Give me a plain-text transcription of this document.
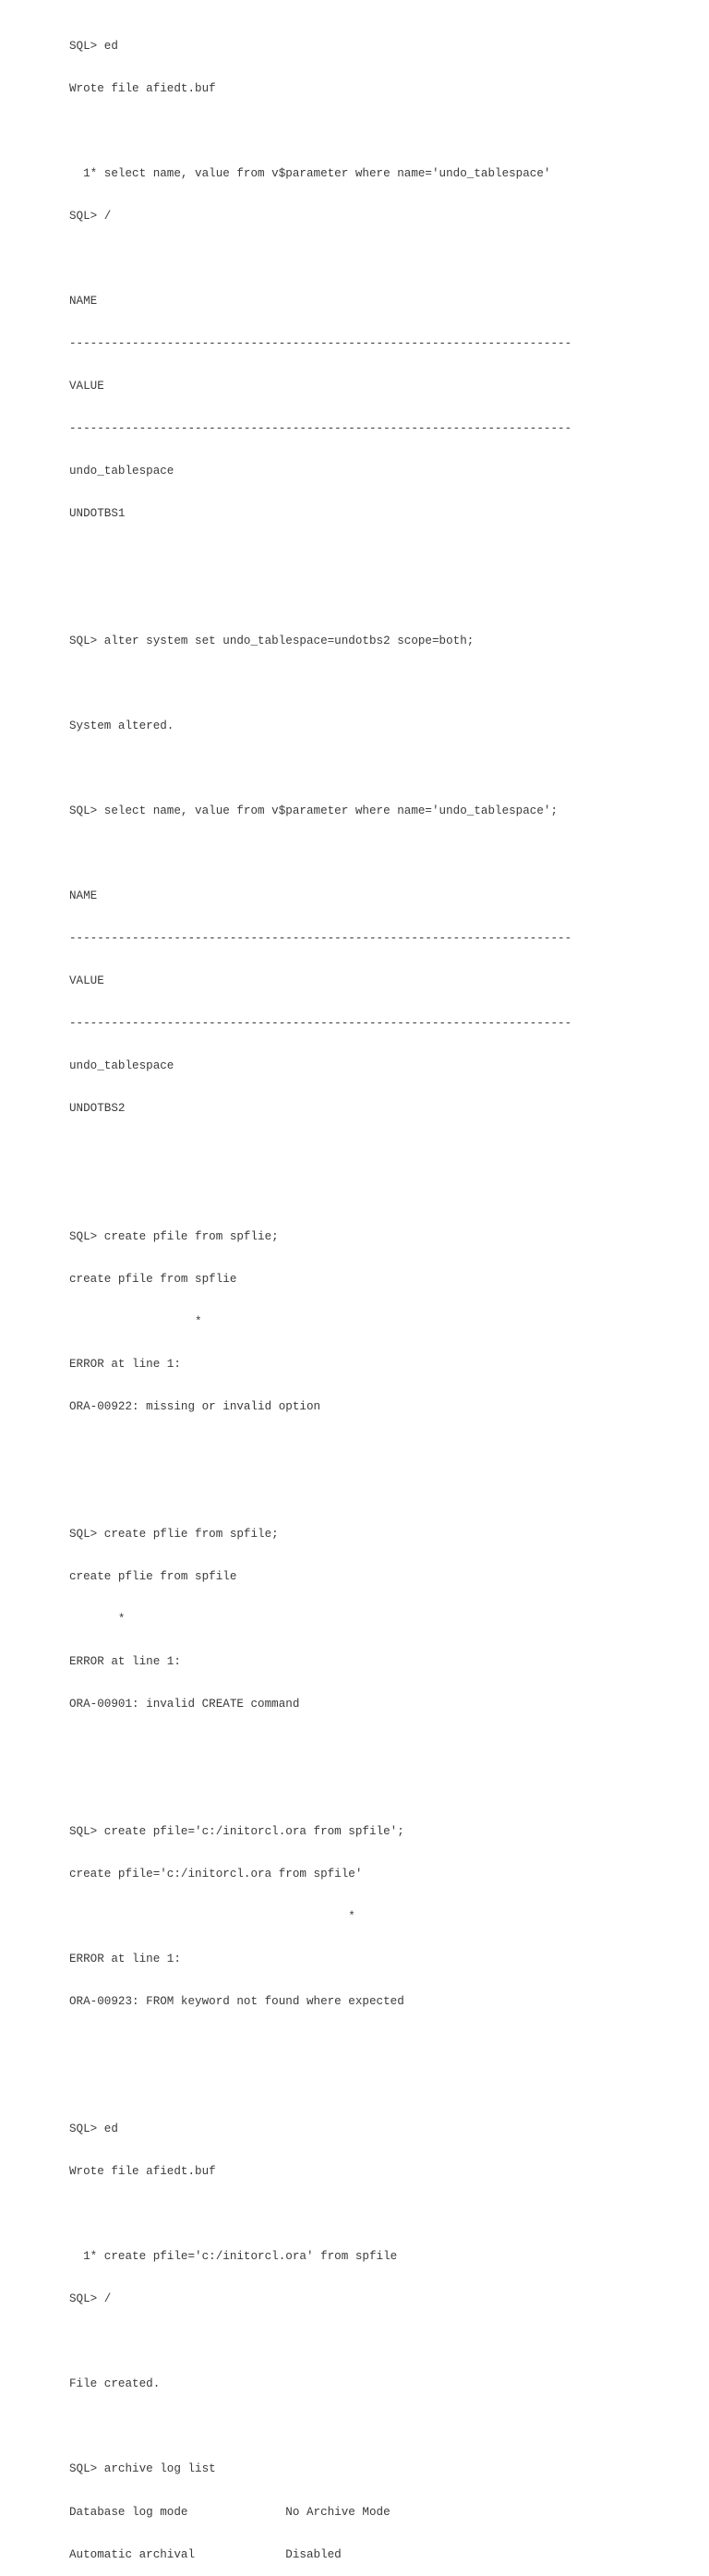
SQL> ed

Wrote file afiedt.buf

1* select name, value from v$parameter where name='undo_tablespace'

SQL> /

NAME

------------------------------------------------------------------------

VALUE

------------------------------------------------------------------------

undo_tablespace

UNDOTBS1

SQL> alter system set undo_tablespace=undotbs2 scope=both;

System altered.

SQL> select name, value from v$parameter where name='undo_tablespace';

NAME

------------------------------------------------------------------------

VALUE

------------------------------------------------------------------------

undo_tablespace

UNDOTBS2

SQL> create pfile from spflie;

create pfile from spflie

*

ERROR at line 1:

ORA-00922: missing or invalid option

SQL> create pflie from spfile;

create pflie from spfile

*

ERROR at line 1:

ORA-00901: invalid CREATE command

SQL> create pfile='c:/initorcl.ora from spfile';

create pfile='c:/initorcl.ora from spfile'

*

ERROR at line 1:

ORA-00923: FROM keyword not found where expected

SQL> ed

Wrote file afiedt.buf

1* create pfile='c:/initorcl.ora' from spfile

SQL> /

File created.

SQL> archive log list

Database log mode              No Archive Mode

Automatic archival             Disabled
